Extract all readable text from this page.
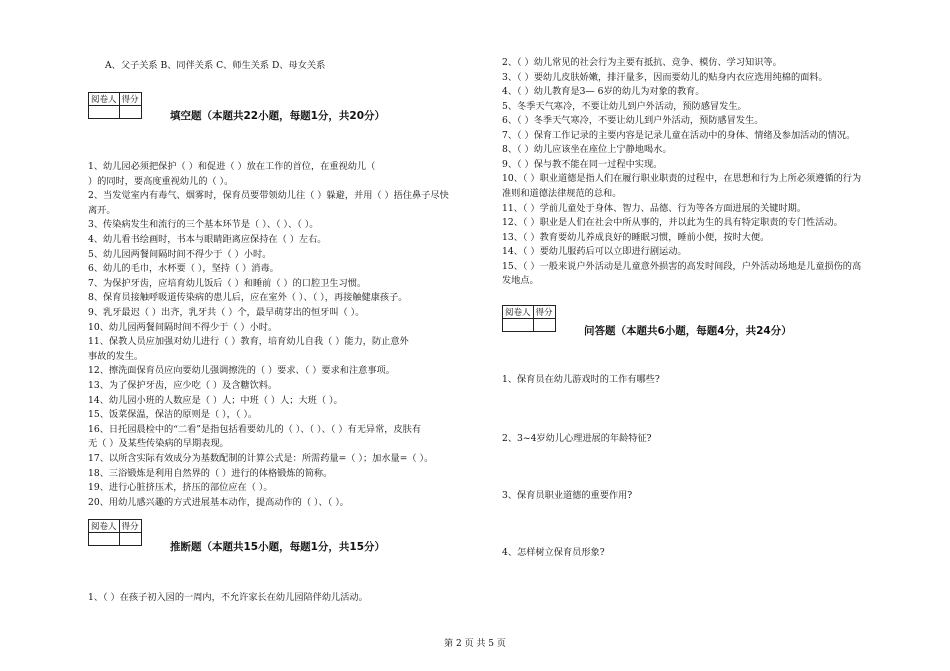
A、父子关系 B、同伴关系 C、师生关系 D、母女关系
阅卷人	得分

填空题（本题共22小题，每题1分，共20分）
1、幼儿园必须把保护（ ）和促进（ ）放在工作的首位，在重视幼儿（
）的同时，要高度重视幼儿的（ ）。
2、当发觉室内有毒气、烟雾时，保育员要带领幼儿往（ ）躲避，并用（ ）捂住鼻子尽快
离开。
3、传染病发生和流行的三个基本环节是（ ）、（ ）、（ ）。
4、幼儿看书绘画时，书本与眼睛距离应保持在（ ）左右。
5、幼儿园两餐间隔时间不得少于（ ）小时。
6、幼儿的毛巾，水杯要（ ），坚持（ ）消毒。
7、为保护牙齿，应培育幼儿饭后（ ）和睡前（ ）的口腔卫生习惯。
8、保育员接触呼吸道传染病的患儿后，应在室外（ ）、（ ），再接触健康孩子。
9、乳牙最迟（ ）出齐，乳牙共（ ）个，最早萌芽出的恒牙叫（ ）。
10、幼儿园两餐间隔时间不得少于（ ）小时。
11、保教人员应加强对幼儿进行（ ）教育，培育幼儿自我（ ）能力，防止意外
事故的发生。
12、擦洗面保育员应向要幼儿强调擦洗的（ ）要求、（ ）要求和注意事项。
13、为了保护牙齿，应少吃（ ）及含糖饮料。
14、幼儿园小班的人数应是（ ）人；中班（ ）人；大班（ ）。
15、饭菜保温，保洁的原则是（ ），（ ）。
16、日托园晨检中的“二看”是指包括看要幼儿的（ ）、（ ）、（ ）有无异常，皮肤有
无（ ）及某些传染病的早期表现。
17、以所含实际有效成分为基数配制的计算公式是：所需药量=（ ）；加水量=（ ）。
18、三浴锻炼是利用自然界的（ ）进行的体格锻炼的简称。
19、进行心脏挤压术，挤压的部位应在（ ）。
20、用幼儿感兴趣的方式进展基本动作，提高动作的（ ）、（ ）。
阅卷人	得分

推断题（本题共15小题，每题1分，共15分）
1、（ ）在孩子初入园的一周内，不允许家长在幼儿园陪伴幼儿活动。
2、（ ）幼儿常见的社会行为主要有抵抗、竞争、模仿、学习知识等。
3、（ ）要幼儿皮肤娇嫩，排汗量多，因而要幼儿的贴身内衣应选用纯棉的面料。
4、（ ）幼儿教育是3— 6岁的幼儿为对象的教育。
5、冬季天气寒冷，不要让幼儿到户外活动，预防感冒发生。
6、（ ）冬季天气寒冷，不要让幼儿到户外活动，预防感冒发生。
7、（ ）保育工作记录的主要内容是记录儿童在活动中的身体、情绪及参加活动的情况。
8、（ ）幼儿应该坐在座位上宁静地喝水。
9、（ ）保与教不能在同一过程中实现。
10、（ ）职业道德是指人们在履行职业职责的过程中，在思想和行为上所必须遵循的行为
准则和道德法律规范的总和。
11、（ ）学前儿童处于身体、智力、品德、行为等各方面进展的关键时期。
12、（ ）职业是人们在社会中所从事的，并以此为生的具有特定职责的专门性活动。
13、（ ）教育要幼儿养成良好的睡眠习惯，睡前小便，按时大便。
14、（ ）要幼儿服药后可以立即进行剧运动。
15、（ ）一般来说户外活动是儿童意外损害的高发时间段，户外活动场地是儿童损伤的高
发地点。
阅卷人	得分

问答题（本题共6小题，每题4分，共24分）
1、保育员在幼儿游戏时的工作有哪些?
2、3~4岁幼儿心理进展的年龄特征?
3、保育员职业道德的重要作用?
4、怎样树立保育员形象?
第 2 页 共 5 页
